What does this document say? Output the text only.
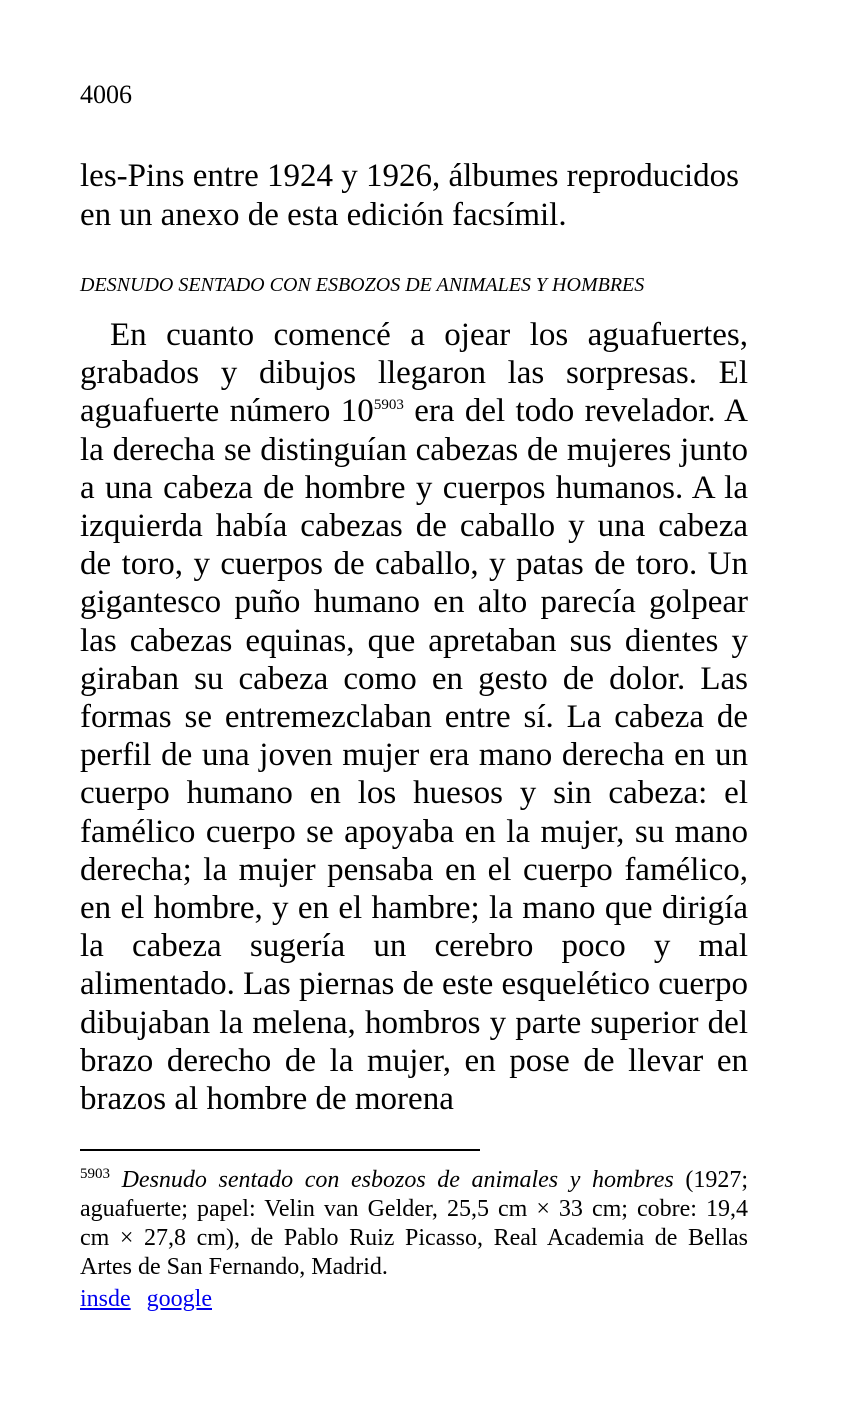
4006

les-Pins entre 1924 y 1926, álbumes reproducidos en un anexo de esta edición facsímil.

DESNUDO SENTADO CON ESBOZOS DE ANIMALES Y HOMBRES

En cuanto comencé a ojear los aguafuertes, grabados y dibujos llegaron las sorpresas. El aguafuerte número $10^{5903}$ era del todo revelador. A la derecha se distinguían cabezas de mujeres junto a una cabeza de hombre y cuerpos humanos. A la izquierda había cabezas de caballo y una cabeza de toro, y cuerpos de caballo, y patas de toro. Un gigantesco puño humano en alto parecía golpear las cabezas equinas, que apretaban sus dientes y giraban su cabeza como en gesto de dolor. Las formas se entremezclaban entre sí. La cabeza de perfil de una joven mujer era mano derecha en un cuerpo humano en los huesos y sin cabeza: el famélico cuerpo se apoyaba en la mujer, su mano derecha; la mujer pensaba en el cuerpo famélico, en el hombre, y en el hambre; la mano que dirigía la cabeza sugería un cerebro poco y mal alimentado. Las piernas de este esquelético cuerpo dibujaban la melena, hombros y parte superior del brazo derecho de la mujer, en pose de llevar en brazos al hombre de morena

$^{5903}$ Desnudo sentado con esbozos de animales y hombres (1927; aguafuerte; papel: Velin van Gelder, 25,5 cm × 33 cm; cobre: 19,4 cm × 27,8 cm), de Pablo Ruiz Picasso, Real Academia de Bellas Artes de San Fernando, Madrid.

insde google
